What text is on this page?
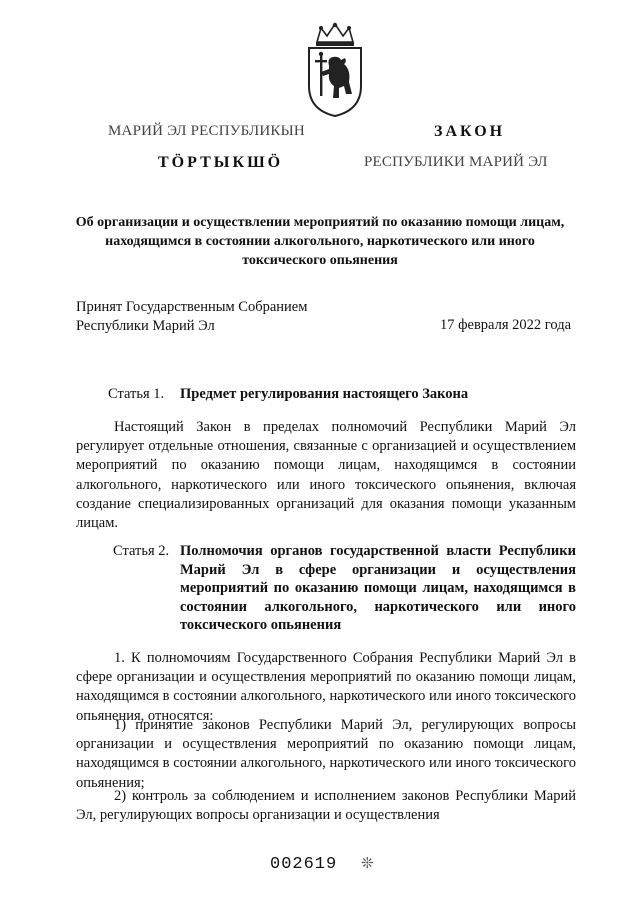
МАРИЙ ЭЛ РЕСПУБЛИКЫН
ТӦРТЫКШӦ
ЗАКОН
РЕСПУБЛИКИ МАРИЙ ЭЛ
Об организации и осуществлении мероприятий по оказанию помощи лицам, находящимся в состоянии алкогольного, наркотического или иного токсического опьянения
Принят Государственным Собранием
Республики Марий Эл	17 февраля 2022 года
Статья 1. Предмет регулирования настоящего Закона
Настоящий Закон в пределах полномочий Республики Марий Эл регулирует отдельные отношения, связанные с организацией и осуществлением мероприятий по оказанию помощи лицам, находящимся в состоянии алкогольного, наркотического или иного токсического опьянения, включая создание специализированных организаций для оказания помощи указанным лицам.
Статья 2. Полномочия органов государственной власти Республики Марий Эл в сфере организации и осуществления мероприятий по оказанию помощи лицам, находящимся в состоянии алкогольного, наркотического или иного токсического опьянения
1. К полномочиям Государственного Собрания Республики Марий Эл в сфере организации и осуществления мероприятий по оказанию помощи лицам, находящимся в состоянии алкогольного, наркотического или иного токсического опьянения, относятся:
1) принятие законов Республики Марий Эл, регулирующих вопросы организации и осуществления мероприятий по оказанию помощи лицам, находящимся в состоянии алкогольного, наркотического или иного токсического опьянения;
2) контроль за соблюдением и исполнением законов Республики Марий Эл, регулирующих вопросы организации и осуществления
002619 ❊
